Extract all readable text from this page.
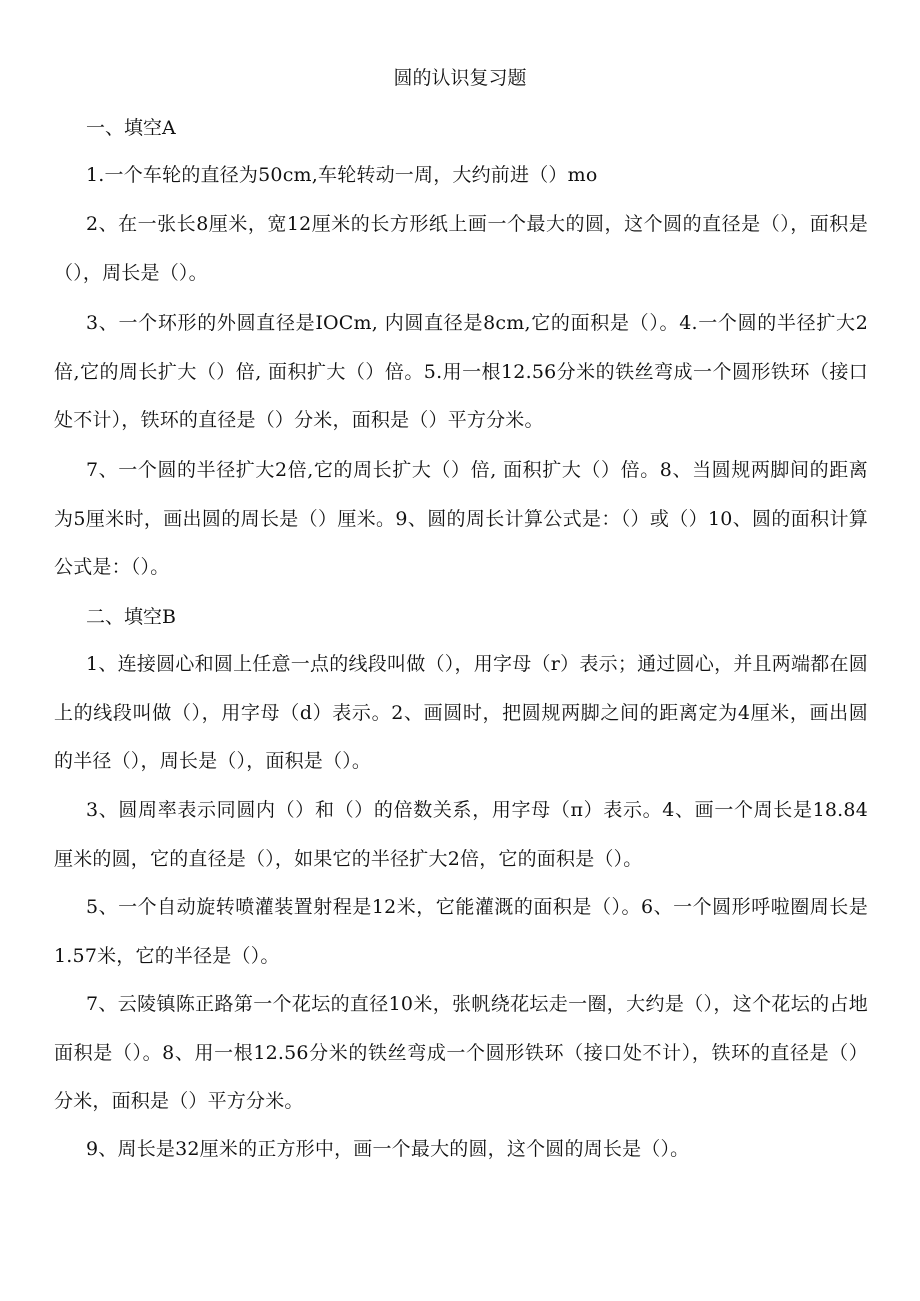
圆的认识复习题
一、填空A
1.一个车轮的直径为50cm,车轮转动一周，大约前进（）mo
2、在一张长8厘米，宽12厘米的长方形纸上画一个最大的圆，这个圆的直径是（），面积是（），周长是（）。
3、一个环形的外圆直径是IOCm, 内圆直径是8cm,它的面积是（）。4.一个圆的半径扩大2倍,它的周长扩大（）倍, 面积扩大（）倍。5.用一根12.56分米的铁丝弯成一个圆形铁环（接口处不计），铁环的直径是（）分米，面积是（）平方分米。
7、一个圆的半径扩大2倍,它的周长扩大（）倍, 面积扩大（）倍。8、当圆规两脚间的距离为5厘米时，画出圆的周长是（）厘米。9、圆的周长计算公式是：（）或（）10、圆的面积计算公式是：（）。
二、填空B
1、连接圆心和圆上任意一点的线段叫做（），用字母（r）表示；通过圆心，并且两端都在圆上的线段叫做（），用字母（d）表示。2、画圆时，把圆规两脚之间的距离定为4厘米，画出圆的半径（），周长是（），面积是（）。
3、圆周率表示同圆内（）和（）的倍数关系，用字母（π）表示。4、画一个周长是18.84厘米的圆，它的直径是（），如果它的半径扩大2倍，它的面积是（）。
5、一个自动旋转喷灌装置射程是12米，它能灌溉的面积是（）。6、一个圆形呼啦圈周长是1.57米，它的半径是（）。
7、云陵镇陈正路第一个花坛的直径10米，张帆绕花坛走一圈，大约是（），这个花坛的占地面积是（）。8、用一根12.56分米的铁丝弯成一个圆形铁环（接口处不计），铁环的直径是（）分米，面积是（）平方分米。
9、周长是32厘米的正方形中，画一个最大的圆，这个圆的周长是（）。
